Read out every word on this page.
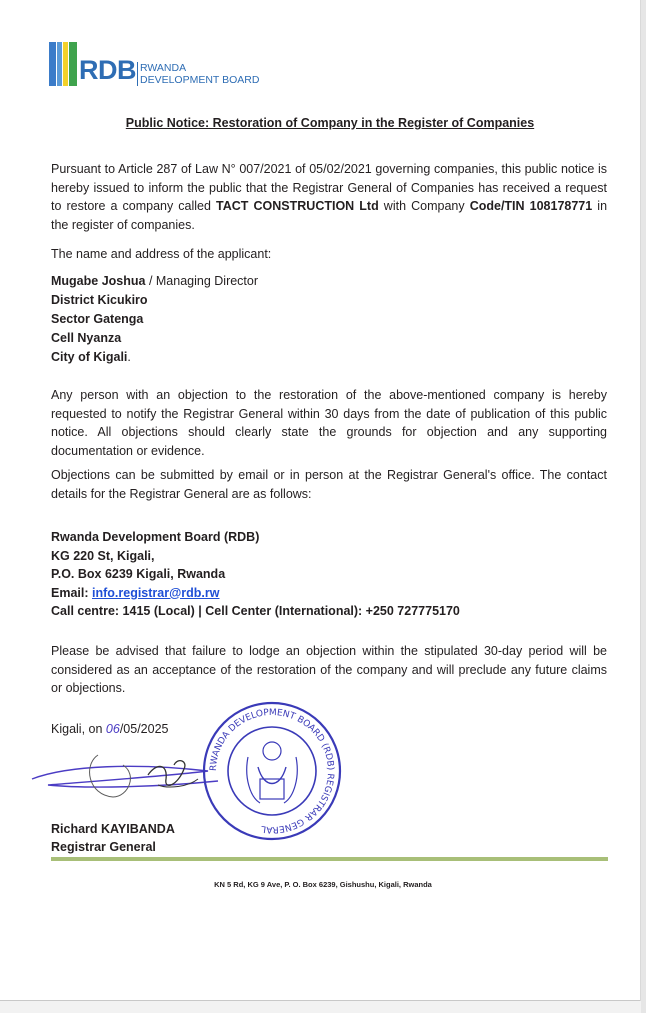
RDB RWANDA
DEVELOPMENT BOARD
Public Notice: Restoration of Company in the Register of Companies
Pursuant to Article 287 of Law N° 007/2021 of 05/02/2021 governing companies, this public notice is hereby issued to inform the public that the Registrar General of Companies has received a request to restore a company called TACT CONSTRUCTION Ltd with Company Code/TIN 108178771 in the register of companies.
The name and address of the applicant:
Mugabe Joshua / Managing Director
District Kicukiro
Sector Gatenga
Cell Nyanza
City of Kigali.
Any person with an objection to the restoration of the above-mentioned company is hereby requested to notify the Registrar General within 30 days from the date of publication of this public notice. All objections should clearly state the grounds for objection and any supporting documentation or evidence.
Objections can be submitted by email or in person at the Registrar General's office. The contact details for the Registrar General are as follows:
Rwanda Development Board (RDB)
KG 220 St, Kigali,
P.O. Box 6239 Kigali, Rwanda
Email: info.registrar@rdb.rw
Call centre: 1415 (Local) | Cell Center (International): +250 727775170
Please be advised that failure to lodge an objection within the stipulated 30-day period will be considered as an acceptance of the restoration of the company and will preclude any future claims or objections.
Kigali, on 06/05/2025
RWANDA DEVELOPMENT BOARD (RDB) REGISTRAR GENERAL
Richard KAYIBANDA
Registrar General
KN 5 Rd, KG 9 Ave, P. O. Box 6239, Gishushu, Kigali, Rwanda
